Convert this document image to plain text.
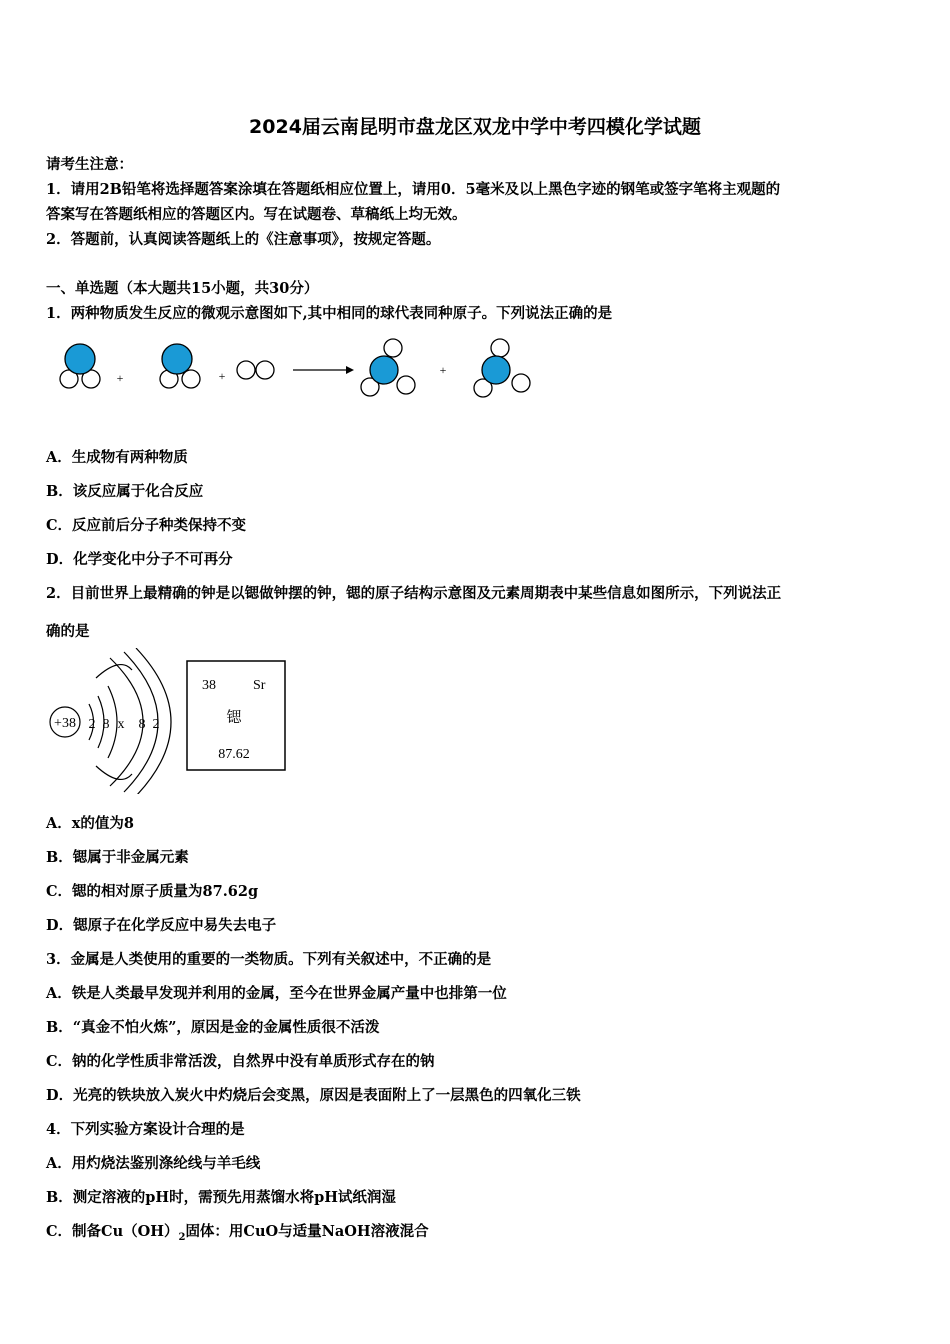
2024届云南昆明市盘龙区双龙中学中考四模化学试题
请考生注意：
1．请用2B铅笔将选择题答案涂填在答题纸相应位置上，请用0．5毫米及以上黑色字迹的钢笔或签字笔将主观题的
答案写在答题纸相应的答题区内。写在试题卷、草稿纸上均无效。
2．答题前，认真阅读答题纸上的《注意事项》，按规定答题。
一、单选题（本大题共15小题，共30分）
1．两种物质发生反应的微观示意图如下,其中相同的球代表同种原子。下列说法正确的是
+	+	+
A．生成物有两种物质
B．该反应属于化合反应
C．反应前后分子种类保持不变
D．化学变化中分子不可再分
2．目前世界上最精确的钟是以锶做钟摆的钟，锶的原子结构示意图及元素周期表中某些信息如图所示，下列说法正
确的是
+38 2 8 x 8 2
38	Sr
锶
87.62
A．x的值为8
B．锶属于非金属元素
C．锶的相对原子质量为87.62g
D．锶原子在化学反应中易失去电子
3．金属是人类使用的重要的一类物质。下列有关叙述中，不正确的是
A．铁是人类最早发现并利用的金属，至今在世界金属产量中也排第一位
B．“真金不怕火炼”，原因是金的金属性质很不活泼
C．钠的化学性质非常活泼，自然界中没有单质形式存在的钠
D．光亮的铁块放入炭火中灼烧后会变黑，原因是表面附上了一层黑色的四氧化三铁
4．下列实验方案设计合理的是
A．用灼烧法鉴别涤纶线与羊毛线
B．测定溶液的pH时，需预先用蒸馏水将pH试纸润湿
C．制备$Cu(OH)_2$固体：用CuO与适量NaOH溶液混合
